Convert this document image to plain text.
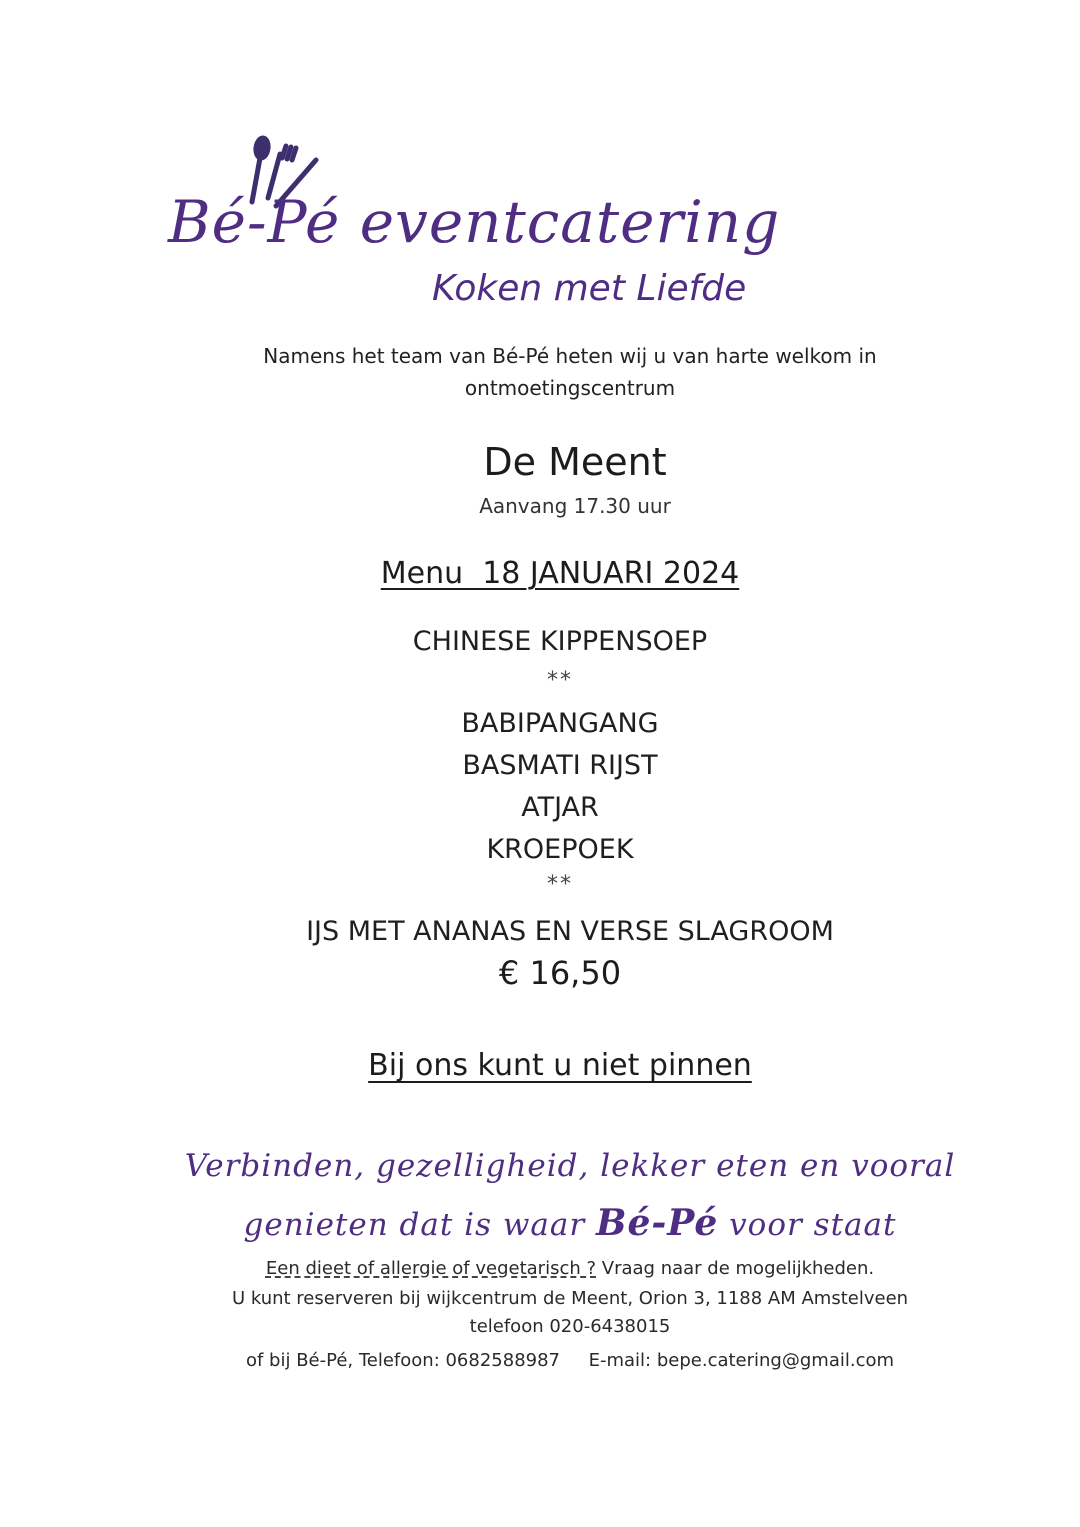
Bé-Pé eventcatering
Koken met Liefde
Namens het team van Bé-Pé heten wij u van harte welkom in
ontmoetingscentrum
De Meent
Aanvang 17.30 uur
Menu  18 JANUARI 2024
CHINESE KIPPENSOEP
**
BABIPANGANG
BASMATI RIJST
ATJAR
KROEPOEK
**
IJS MET ANANAS EN VERSE SLAGROOM
€ 16,50
Bij ons kunt u niet pinnen
Verbinden, gezelligheid, lekker eten en vooral
genieten dat is waar Bé-Pé voor staat
Een dieet of allergie of vegetarisch ? Vraag naar de mogelijkheden.
U kunt reserveren bij wijkcentrum de Meent, Orion 3, 1188 AM Amstelveen
telefoon 020-6438015
of bij Bé-Pé, Telefoon: 0682588987 E-mail: bepe.catering@gmail.com
